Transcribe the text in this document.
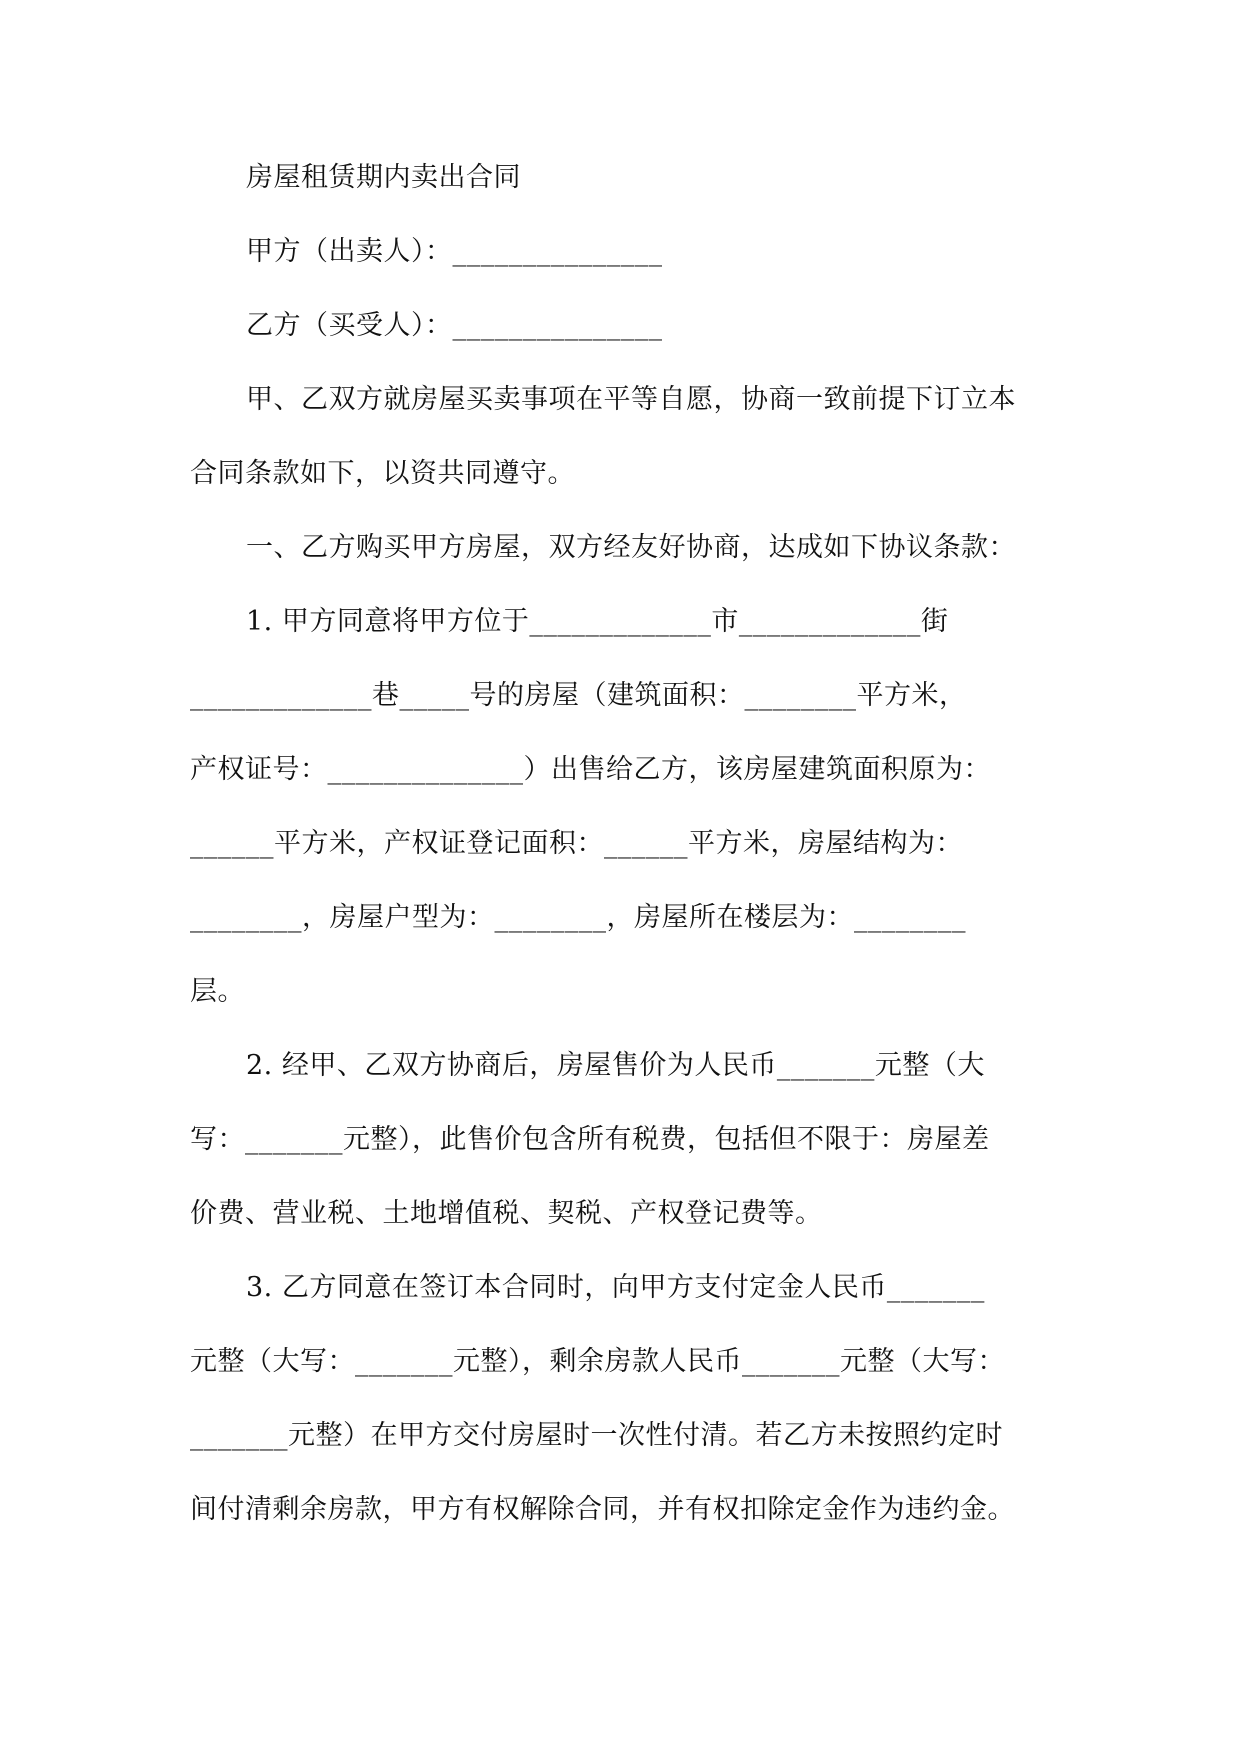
房屋租赁期内卖出合同
甲方（出卖人）：_______________
乙方（买受人）：_______________
甲、乙双方就房屋买卖事项在平等自愿，协商一致前提下订立本
合同条款如下，以资共同遵守。
一、乙方购买甲方房屋，双方经友好协商，达成如下协议条款：
1. 甲方同意将甲方位于_____________市_____________街
_____________巷_____号的房屋（建筑面积：________平方米，
产权证号：______________）出售给乙方，该房屋建筑面积原为：
______平方米，产权证登记面积：______平方米，房屋结构为：
________，房屋户型为：________，房屋所在楼层为：________
层。
2. 经甲、乙双方协商后，房屋售价为人民币_______元整（大
写：_______元整），此售价包含所有税费，包括但不限于：房屋差
价费、营业税、土地增值税、契税、产权登记费等。
3. 乙方同意在签订本合同时，向甲方支付定金人民币_______
元整（大写：_______元整），剩余房款人民币_______元整（大写：
_______元整）在甲方交付房屋时一次性付清。若乙方未按照约定时
间付清剩余房款，甲方有权解除合同，并有权扣除定金作为违约金。
